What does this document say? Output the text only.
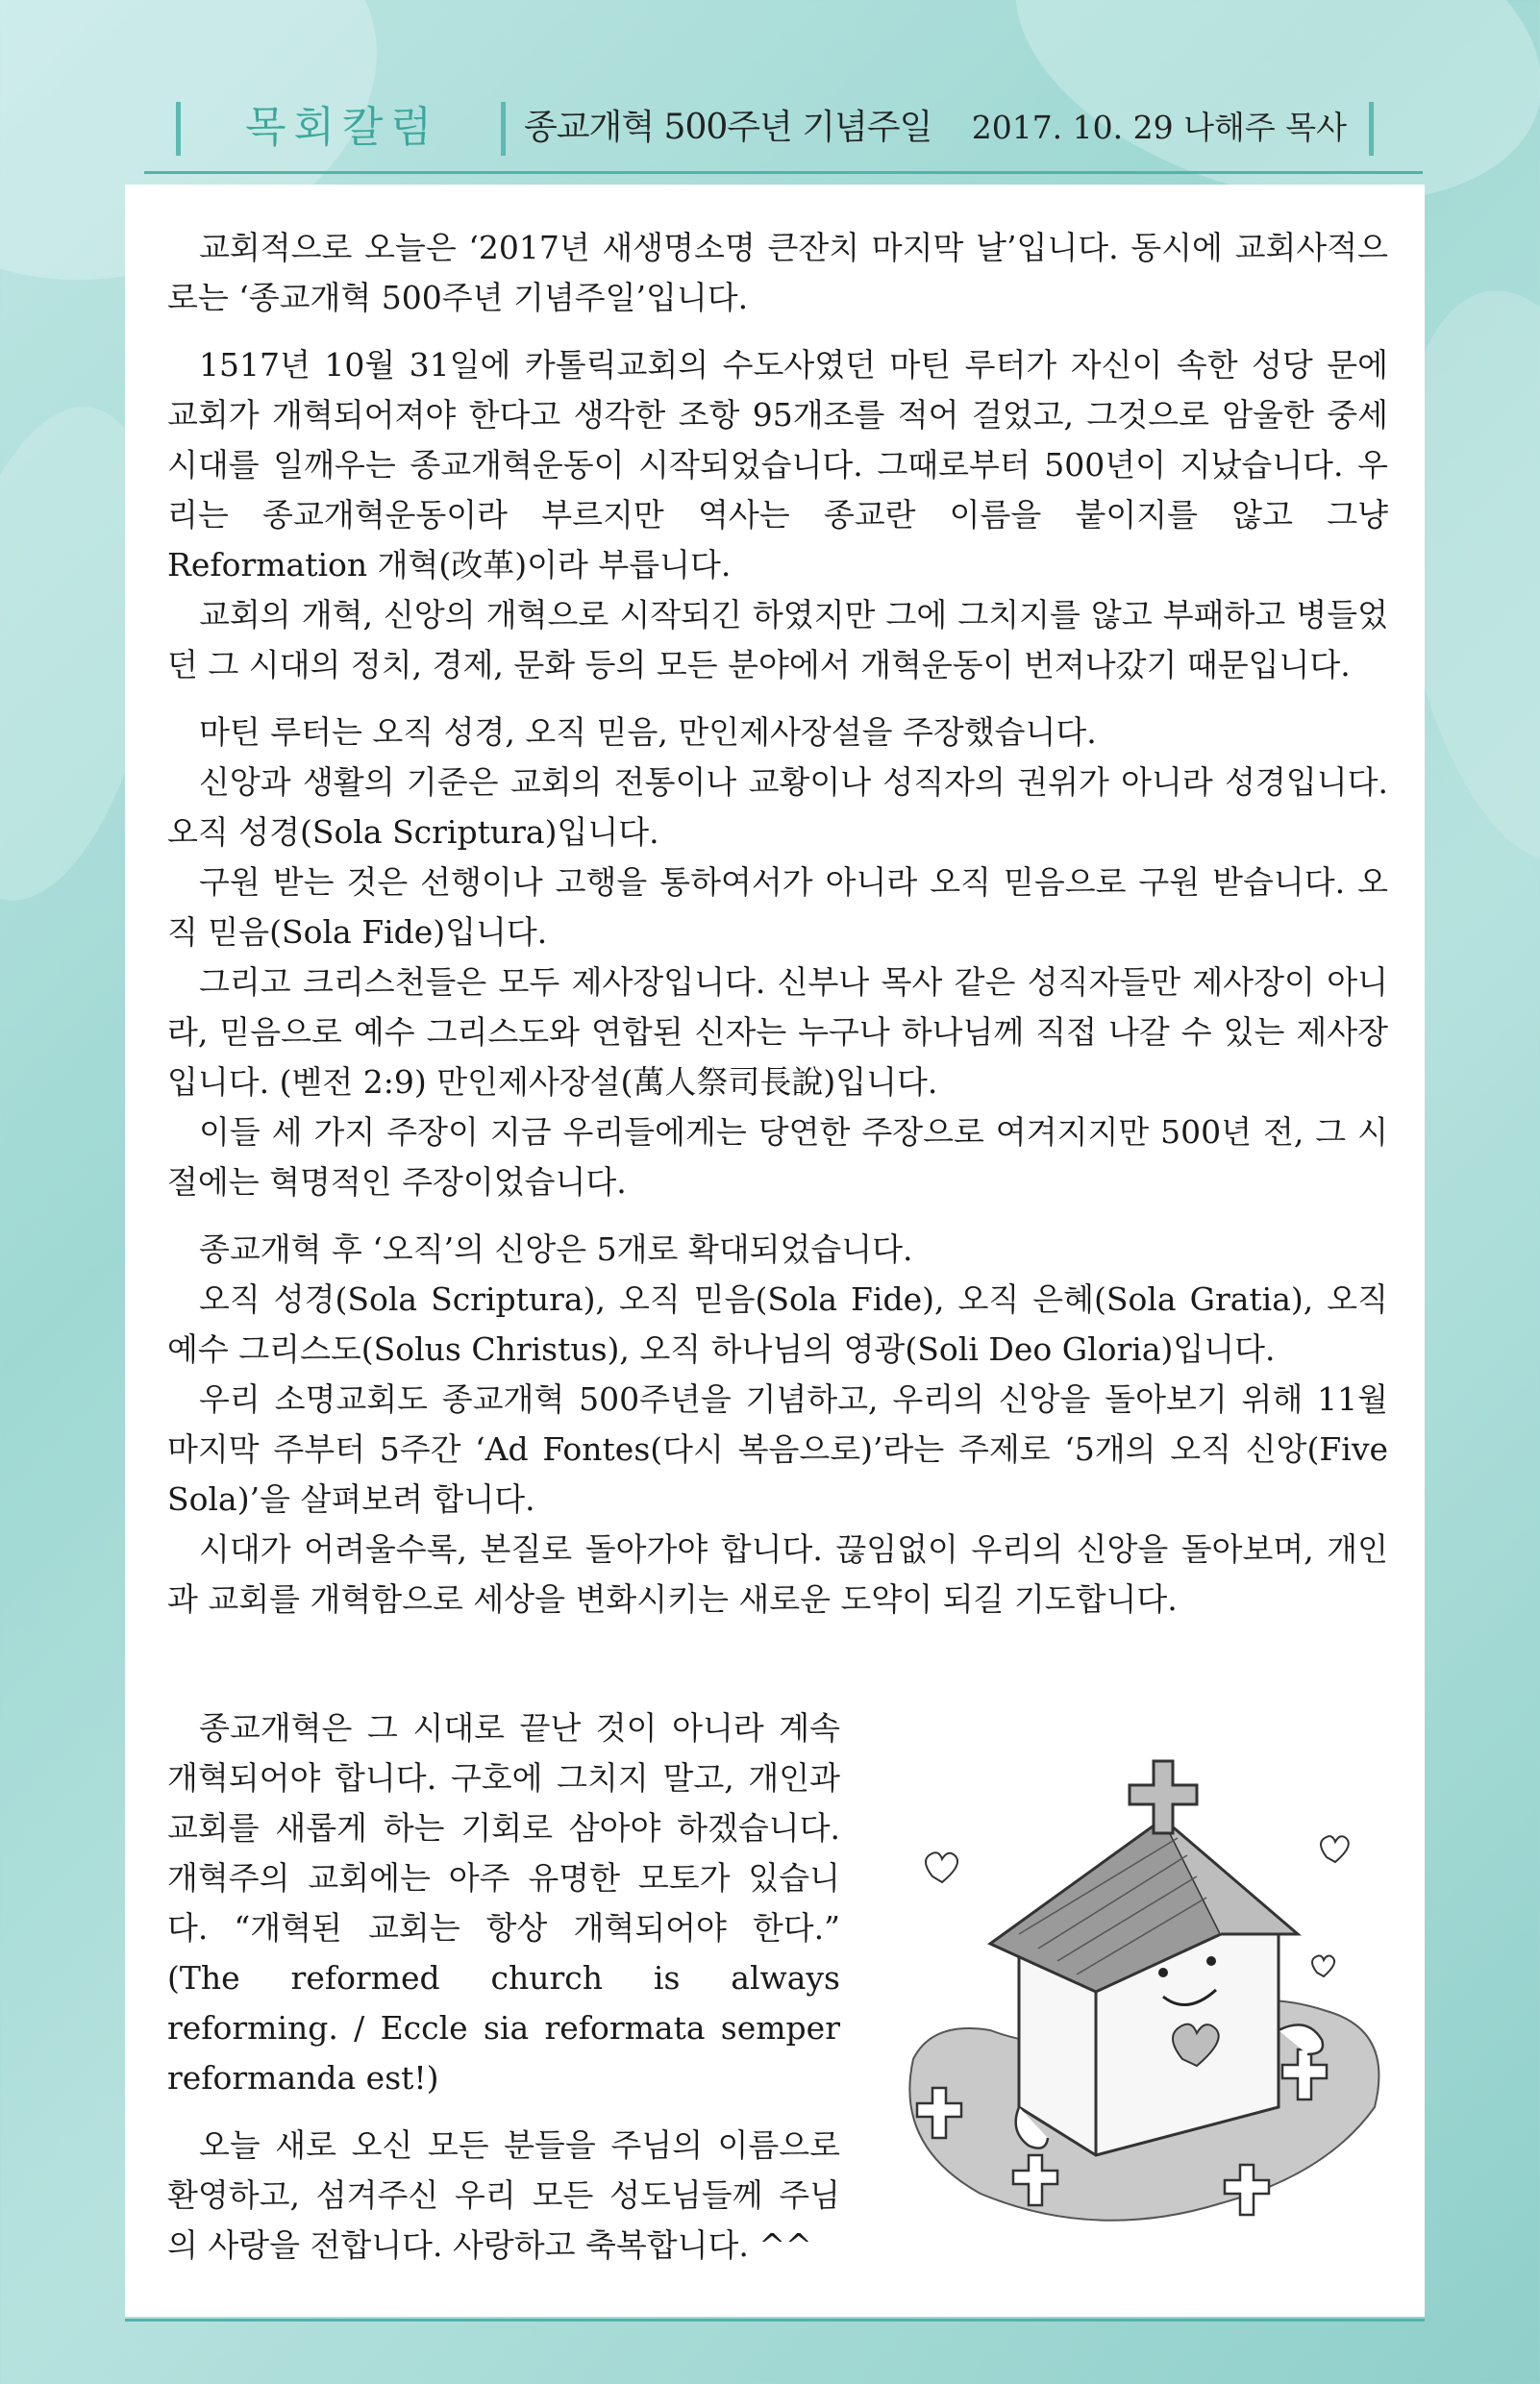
목회칼럼 종교개혁 500주년 기념주일 2017. 10. 29 나해주 목사

교회적으로 오늘은 ‘2017년 새생명소명 큰잔치 마지막 날’입니다. 동시에 교회사적으로는 ‘종교개혁 500주년 기념주일’입니다.

1517년 10월 31일에 카톨릭교회의 수도사였던 마틴 루터가 자신이 속한 성당 문에 교회가 개혁되어져야 한다고 생각한 조항 95개조를 적어 걸었고, 그것으로 암울한 중세시대를 일깨우는 종교개혁운동이 시작되었습니다. 그때로부터 500년이 지났습니다. 우리는 종교개혁운동이라 부르지만 역사는 종교란 이름을 붙이지를 않고 그냥 Reformation 개혁(改革)이라 부릅니다.

교회의 개혁, 신앙의 개혁으로 시작되긴 하였지만 그에 그치지를 않고 부패하고 병들었던 그 시대의 정치, 경제, 문화 등의 모든 분야에서 개혁운동이 번져나갔기 때문입니다.

마틴 루터는 오직 성경, 오직 믿음, 만인제사장설을 주장했습니다.

신앙과 생활의 기준은 교회의 전통이나 교황이나 성직자의 권위가 아니라 성경입니다. 오직 성경(Sola Scriptura)입니다.

구원 받는 것은 선행이나 고행을 통하여서가 아니라 오직 믿음으로 구원 받습니다. 오직 믿음(Sola Fide)입니다.

그리고 크리스천들은 모두 제사장입니다. 신부나 목사 같은 성직자들만 제사장이 아니라, 믿음으로 예수 그리스도와 연합된 신자는 누구나 하나님께 직접 나갈 수 있는 제사장입니다. (벧전 2:9) 만인제사장설(萬人祭司長說)입니다.

이들 세 가지 주장이 지금 우리들에게는 당연한 주장으로 여겨지지만 500년 전, 그 시절에는 혁명적인 주장이었습니다.

종교개혁 후 ‘오직’의 신앙은 5개로 확대되었습니다.

오직 성경(Sola Scriptura), 오직 믿음(Sola Fide), 오직 은혜(Sola Gratia), 오직 예수 그리스도(Solus Christus), 오직 하나님의 영광(Soli Deo Gloria)입니다.

우리 소명교회도 종교개혁 500주년을 기념하고, 우리의 신앙을 돌아보기 위해 11월 마지막 주부터 5주간 ‘Ad Fontes(다시 복음으로)’라는 주제로 ‘5개의 오직 신앙(Five Sola)’을 살펴보려 합니다.

시대가 어려울수록, 본질로 돌아가야 합니다. 끊임없이 우리의 신앙을 돌아보며, 개인과 교회를 개혁함으로 세상을 변화시키는 새로운 도약이 되길 기도합니다.

종교개혁은 그 시대로 끝난 것이 아니라 계속 개혁되어야 합니다. 구호에 그치지 말고, 개인과 교회를 새롭게 하는 기회로 삼아야 하겠습니다. 개혁주의 교회에는 아주 유명한 모토가 있습니다. “개혁된 교회는 항상 개혁되어야 한다.” (The reformed church is always reforming. / Eccle sia reformata semper reformanda est!)

오늘 새로 오신 모든 분들을 주님의 이름으로 환영하고, 섬겨주신 우리 모든 성도님들께 주님의 사랑을 전합니다. 사랑하고 축복합니다. ^^
